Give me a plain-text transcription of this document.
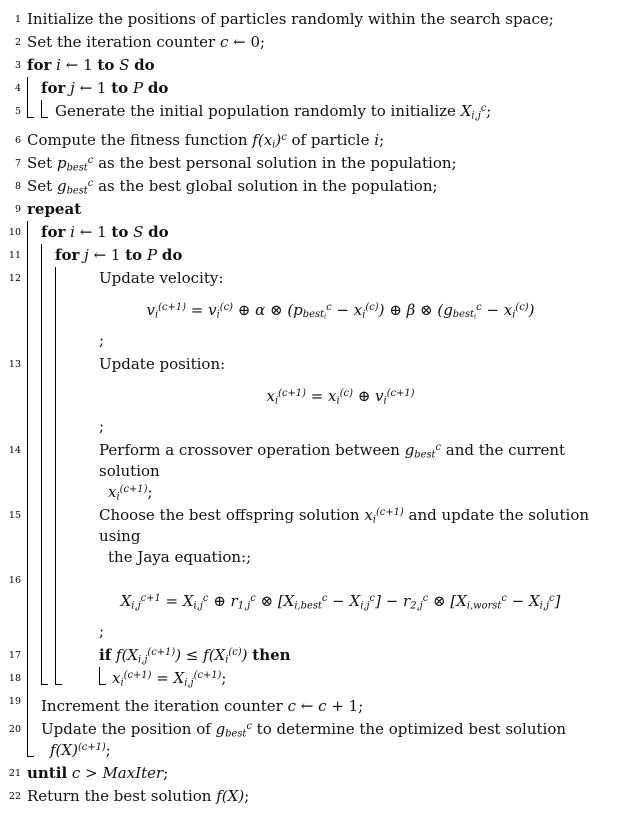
1 Initialize the positions of particles randomly within the search space;
2 Set the iteration counter c ← 0;
3 for i ← 1 to S do
4 for j ← 1 to P do
5 Generate the initial population randomly to initialize $X_{i,j}^c$;
6 Compute the fitness function $f(x_i)^c$ of particle i;
7 Set $p_{best}^c$ as the best personal solution in the population;
8 Set $g_{best}^c$ as the best global solution in the population;
9 repeat
10 for i ← 1 to S do
11 for j ← 1 to P do
12	Update velocity:
$v_i^{(c+1)} = v_i^{(c)}$ ⊕ α ⊗ $(p_{best_i}^c - x_i^{(c)})$ ⊕ β ⊗ $(g_{best_i}^c - x_i^{(c)})$
;
13	Update position:
$x_i^{(c+1)} = x_i^{(c)}$ ⊕ $v_i^{(c+1)}$
;
14	Perform a crossover operation between $g_{best}^c$ and the current solution
$x_i^{(c+1)}$;
15	Choose the best offspring solution $x_i^{(c+1)}$ and update the solution using
the Jaya equation:;
16
$X_{i,j}^{c+1} = X_{i,j}^c$ ⊕ $r_{1,j}^c$ ⊗ $[X_{i,best}^c - X_{i,j}^c] - r_{2,j}^c$ ⊗ $[X_{i,worst}^c - X_{i,j}^c]$
;
17	if $f(X_{i,j}^{(c+1)}) \le f(X_i^{(c)})$ then
18	$x_i^{(c+1)} = X_{i,j}^{(c+1)}$;
19 Increment the iteration counter c ← c + 1;
20 Update the position of $g_{best}^c$ to determine the optimized best solution
$f(X)^{(c+1)}$;
21 until c > MaxIter;
22 Return the best solution f(X);
